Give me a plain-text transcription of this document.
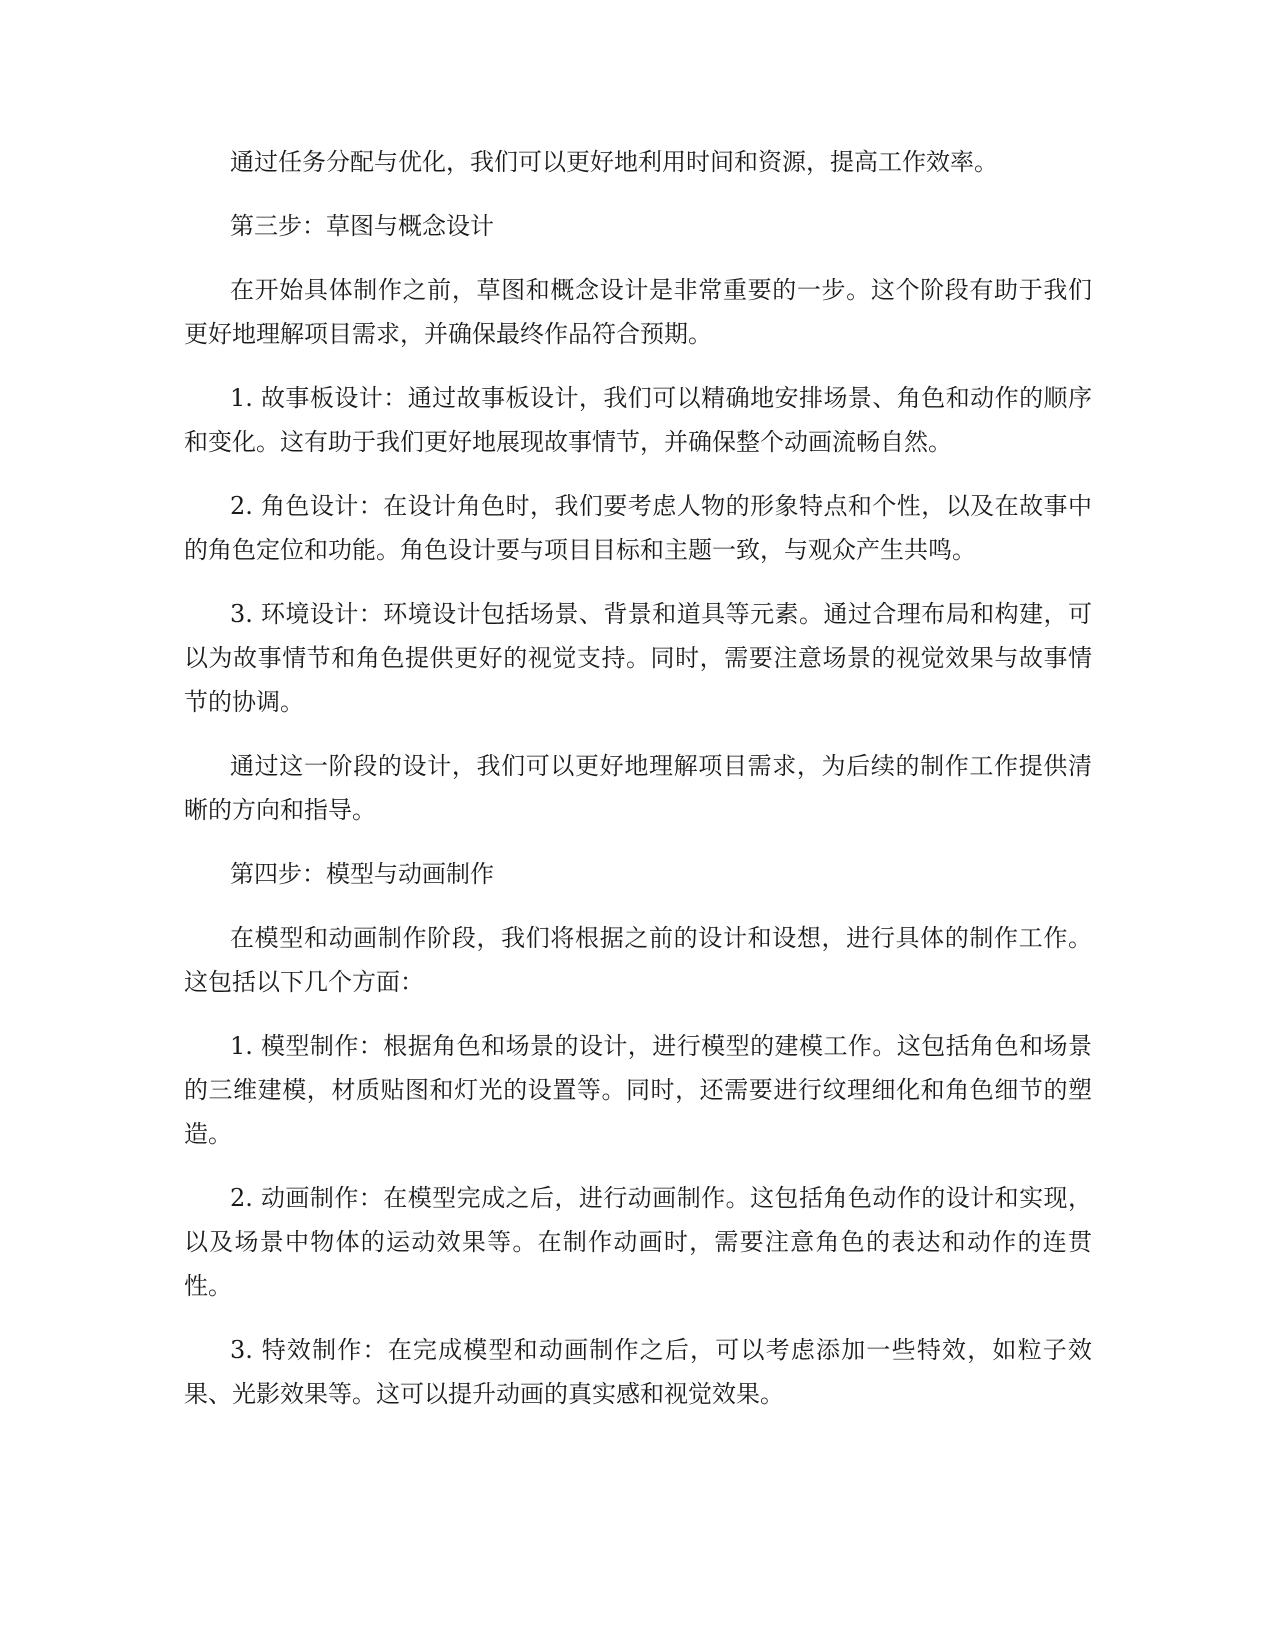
通过任务分配与优化，我们可以更好地利用时间和资源，提高工作效率。

第三步：草图与概念设计

在开始具体制作之前，草图和概念设计是非常重要的一步。这个阶段有助于我们更好地理解项目需求，并确保最终作品符合预期。

1. 故事板设计：通过故事板设计，我们可以精确地安排场景、角色和动作的顺序和变化。这有助于我们更好地展现故事情节，并确保整个动画流畅自然。

2. 角色设计：在设计角色时，我们要考虑人物的形象特点和个性，以及在故事中的角色定位和功能。角色设计要与项目目标和主题一致，与观众产生共鸣。

3. 环境设计：环境设计包括场景、背景和道具等元素。通过合理布局和构建，可以为故事情节和角色提供更好的视觉支持。同时，需要注意场景的视觉效果与故事情节的协调。

通过这一阶段的设计，我们可以更好地理解项目需求，为后续的制作工作提供清晰的方向和指导。

第四步：模型与动画制作

在模型和动画制作阶段，我们将根据之前的设计和设想，进行具体的制作工作。这包括以下几个方面：

1. 模型制作：根据角色和场景的设计，进行模型的建模工作。这包括角色和场景的三维建模，材质贴图和灯光的设置等。同时，还需要进行纹理细化和角色细节的塑造。

2. 动画制作：在模型完成之后，进行动画制作。这包括角色动作的设计和实现，以及场景中物体的运动效果等。在制作动画时，需要注意角色的表达和动作的连贯性。

3. 特效制作：在完成模型和动画制作之后，可以考虑添加一些特效，如粒子效果、光影效果等。这可以提升动画的真实感和视觉效果。
